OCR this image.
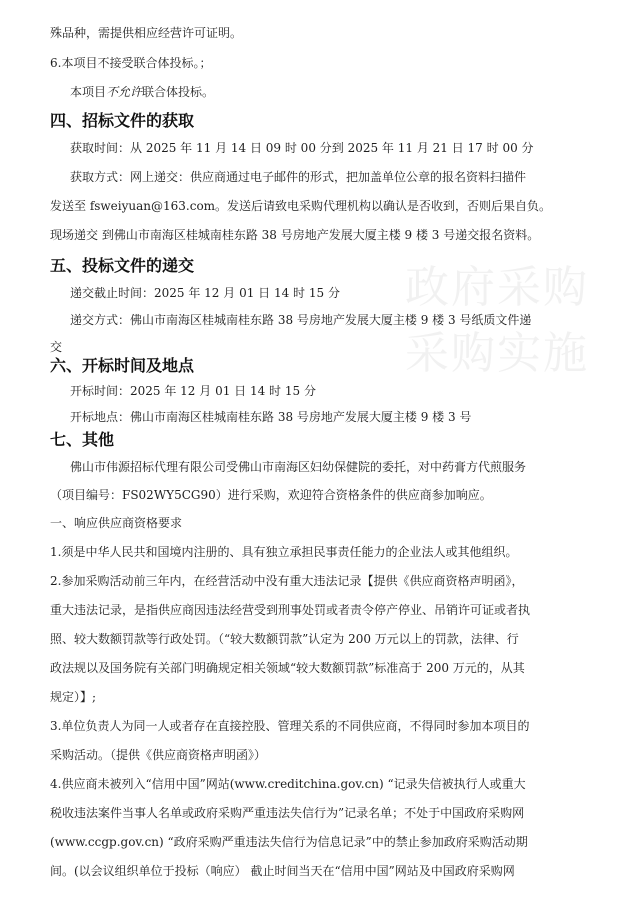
政府采购
采购实施
殊品种，需提供相应经营许可证明。
6.本项目不接受联合体投标。；
本项目不允许联合体投标。
四、招标文件的获取
获取时间：从 2025 年 11 月 14 日 09 时 00 分到 2025 年 11 月 21 日 17 时 00 分
获取方式：网上递交：供应商通过电子邮件的形式，把加盖单位公章的报名资料扫描件
发送至 fsweiyuan@163.com。发送后请致电采购代理机构以确认是否收到，否则后果自负。
现场递交 到佛山市南海区桂城南桂东路 38 号房地产发展大厦主楼 9 楼 3 号递交报名资料。
五、投标文件的递交
递交截止时间：2025 年 12 月 01 日 14 时 15 分
递交方式：佛山市南海区桂城南桂东路 38 号房地产发展大厦主楼 9 楼 3 号纸质文件递
交
六、开标时间及地点
开标时间：2025 年 12 月 01 日 14 时 15 分
开标地点：佛山市南海区桂城南桂东路 38 号房地产发展大厦主楼 9 楼 3 号
七、其他
佛山市伟源招标代理有限公司受佛山市南海区妇幼保健院的委托，对中药膏方代煎服务
（项目编号：FS02WY5CG90）进行采购，欢迎符合资格条件的供应商参加响应。
一、响应供应商资格要求
1.须是中华人民共和国境内注册的、具有独立承担民事责任能力的企业法人或其他组织。
2.参加采购活动前三年内，在经营活动中没有重大违法记录【提供《供应商资格声明函》，
重大违法记录，是指供应商因违法经营受到刑事处罚或者责令停产停业、吊销许可证或者执
照、较大数额罚款等行政处罚。（“较大数额罚款”认定为 200 万元以上的罚款，法律、行
政法规以及国务院有关部门明确规定相关领域“较大数额罚款”标准高于 200 万元的，从其
规定）】;
3.单位负责人为同一人或者存在直接控股、管理关系的不同供应商，不得同时参加本项目的
采购活动。（提供《供应商资格声明函》）
4.供应商未被列入“信用中国”网站(www.creditchina.gov.cn) “记录失信被执行人或重大
税收违法案件当事人名单或政府采购严重违法失信行为”记录名单；不处于中国政府采购网
(www.ccgp.gov.cn) “政府采购严重违法失信行为信息记录”中的禁止参加政府采购活动期
间。(以会议组织单位于投标（响应） 截止时间当天在“信用中国”网站及中国政府采购网
